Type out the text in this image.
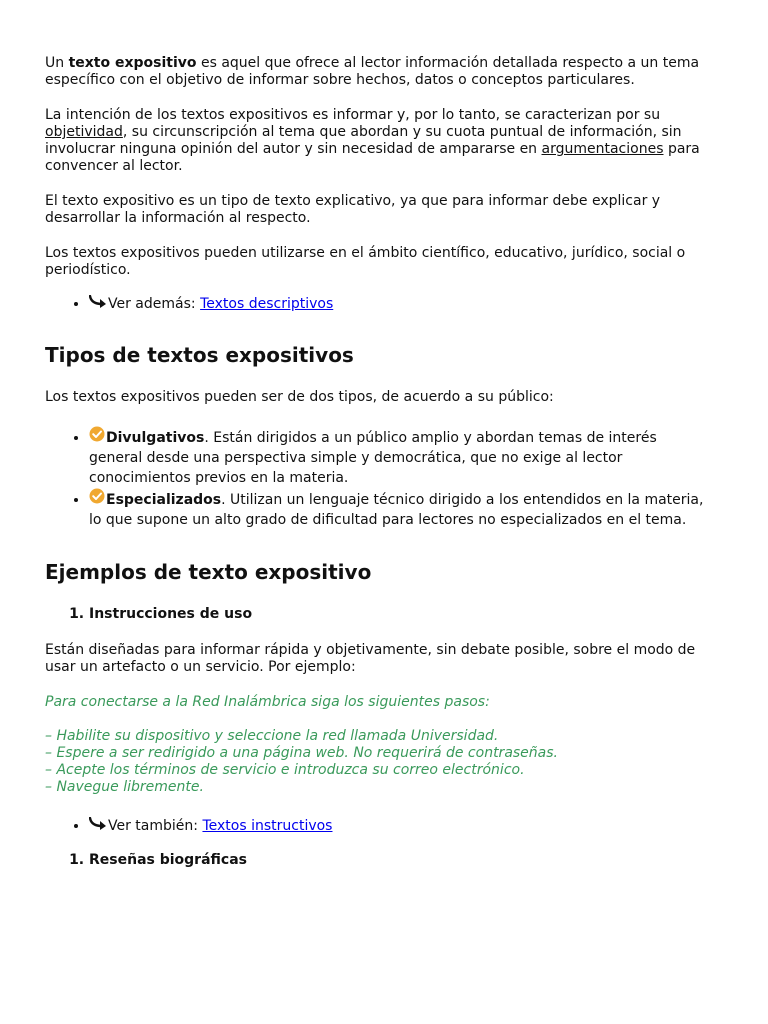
Un texto expositivo es aquel que ofrece al lector información detallada respecto a un tema específico con el objetivo de informar sobre hechos, datos o conceptos particulares.

La intención de los textos expositivos es informar y, por lo tanto, se caracterizan por su objetividad, su circunscripción al tema que abordan y su cuota puntual de información, sin involucrar ninguna opinión del autor y sin necesidad de ampararse en argumentaciones para convencer al lector.

El texto expositivo es un tipo de texto explicativo, ya que para informar debe explicar y desarrollar la información al respecto.

Los textos expositivos pueden utilizarse en el ámbito científico, educativo, jurídico, social o periodístico.

• Ver además: Textos descriptivos
Tipos de textos expositivos

Los textos expositivos pueden ser de dos tipos, de acuerdo a su público:

• Divulgativos. Están dirigidos a un público amplio y abordan temas de interés general desde una perspectiva simple y democrática, que no exige al lector conocimientos previos en la materia.
• Especializados. Utilizan un lenguaje técnico dirigido a los entendidos en la materia, lo que supone un alto grado de dificultad para lectores no especializados en el tema.
Ejemplos de texto expositivo
1. Instrucciones de uso

Están diseñadas para informar rápida y objetivamente, sin debate posible, sobre el modo de usar un artefacto o un servicio. Por ejemplo:

Para conectarse a la Red Inalámbrica siga los siguientes pasos:

– Habilite su dispositivo y seleccione la red llamada Universidad.

– Espere a ser redirigido a una página web. No requerirá de contraseñas.

– Acepte los términos de servicio e introduzca su correo electrónico.

– Navegue libremente.

• Ver también: Textos instructivos
1. Reseñas biográficas
